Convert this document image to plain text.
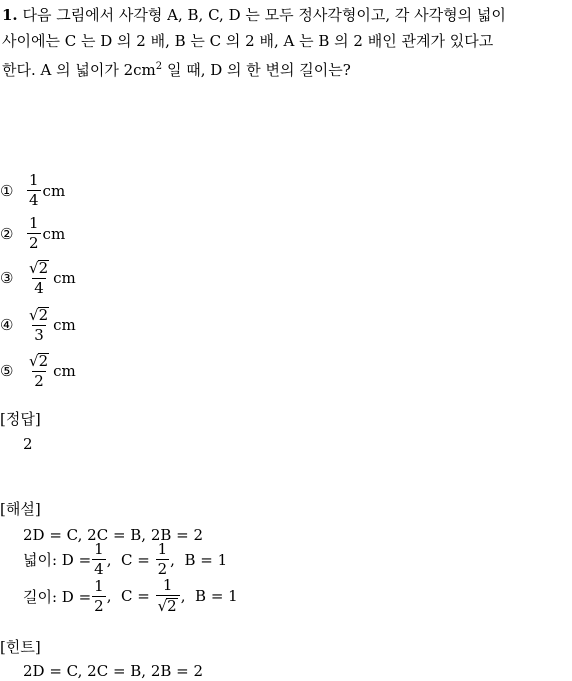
1. 다음 그림에서 사각형 A, B, C, D 는 모두 정사각형이고, 각 사각형의 넓이
사이에는 C 는 D 의 2 배, B 는 C 의 2 배, A 는 B 의 2 배인 관계가 있다고
한다. A 의 넓이가 $2cm^2$ 일 때, D 의 한 변의 길이는?
① $\frac{1}{4}$ cm
② $\frac{1}{2}$ cm
③ $\frac{√2}{4}$ cm
④ $\frac{√2}{3}$ cm
⑤ $\frac{√2}{2}$ cm
[정답]
2
[해설]
2D = C, 2C = B, 2B = 2
넓이: $D = \frac{1}{4}$ ,  $C = \frac{1}{2}$ ,  B = 1
길이: $D = \frac{1}{2}$ ,  $C = \frac{1}{√2}$ ,  B = 1
[힌트]
2D = C, 2C = B, 2B = 2
